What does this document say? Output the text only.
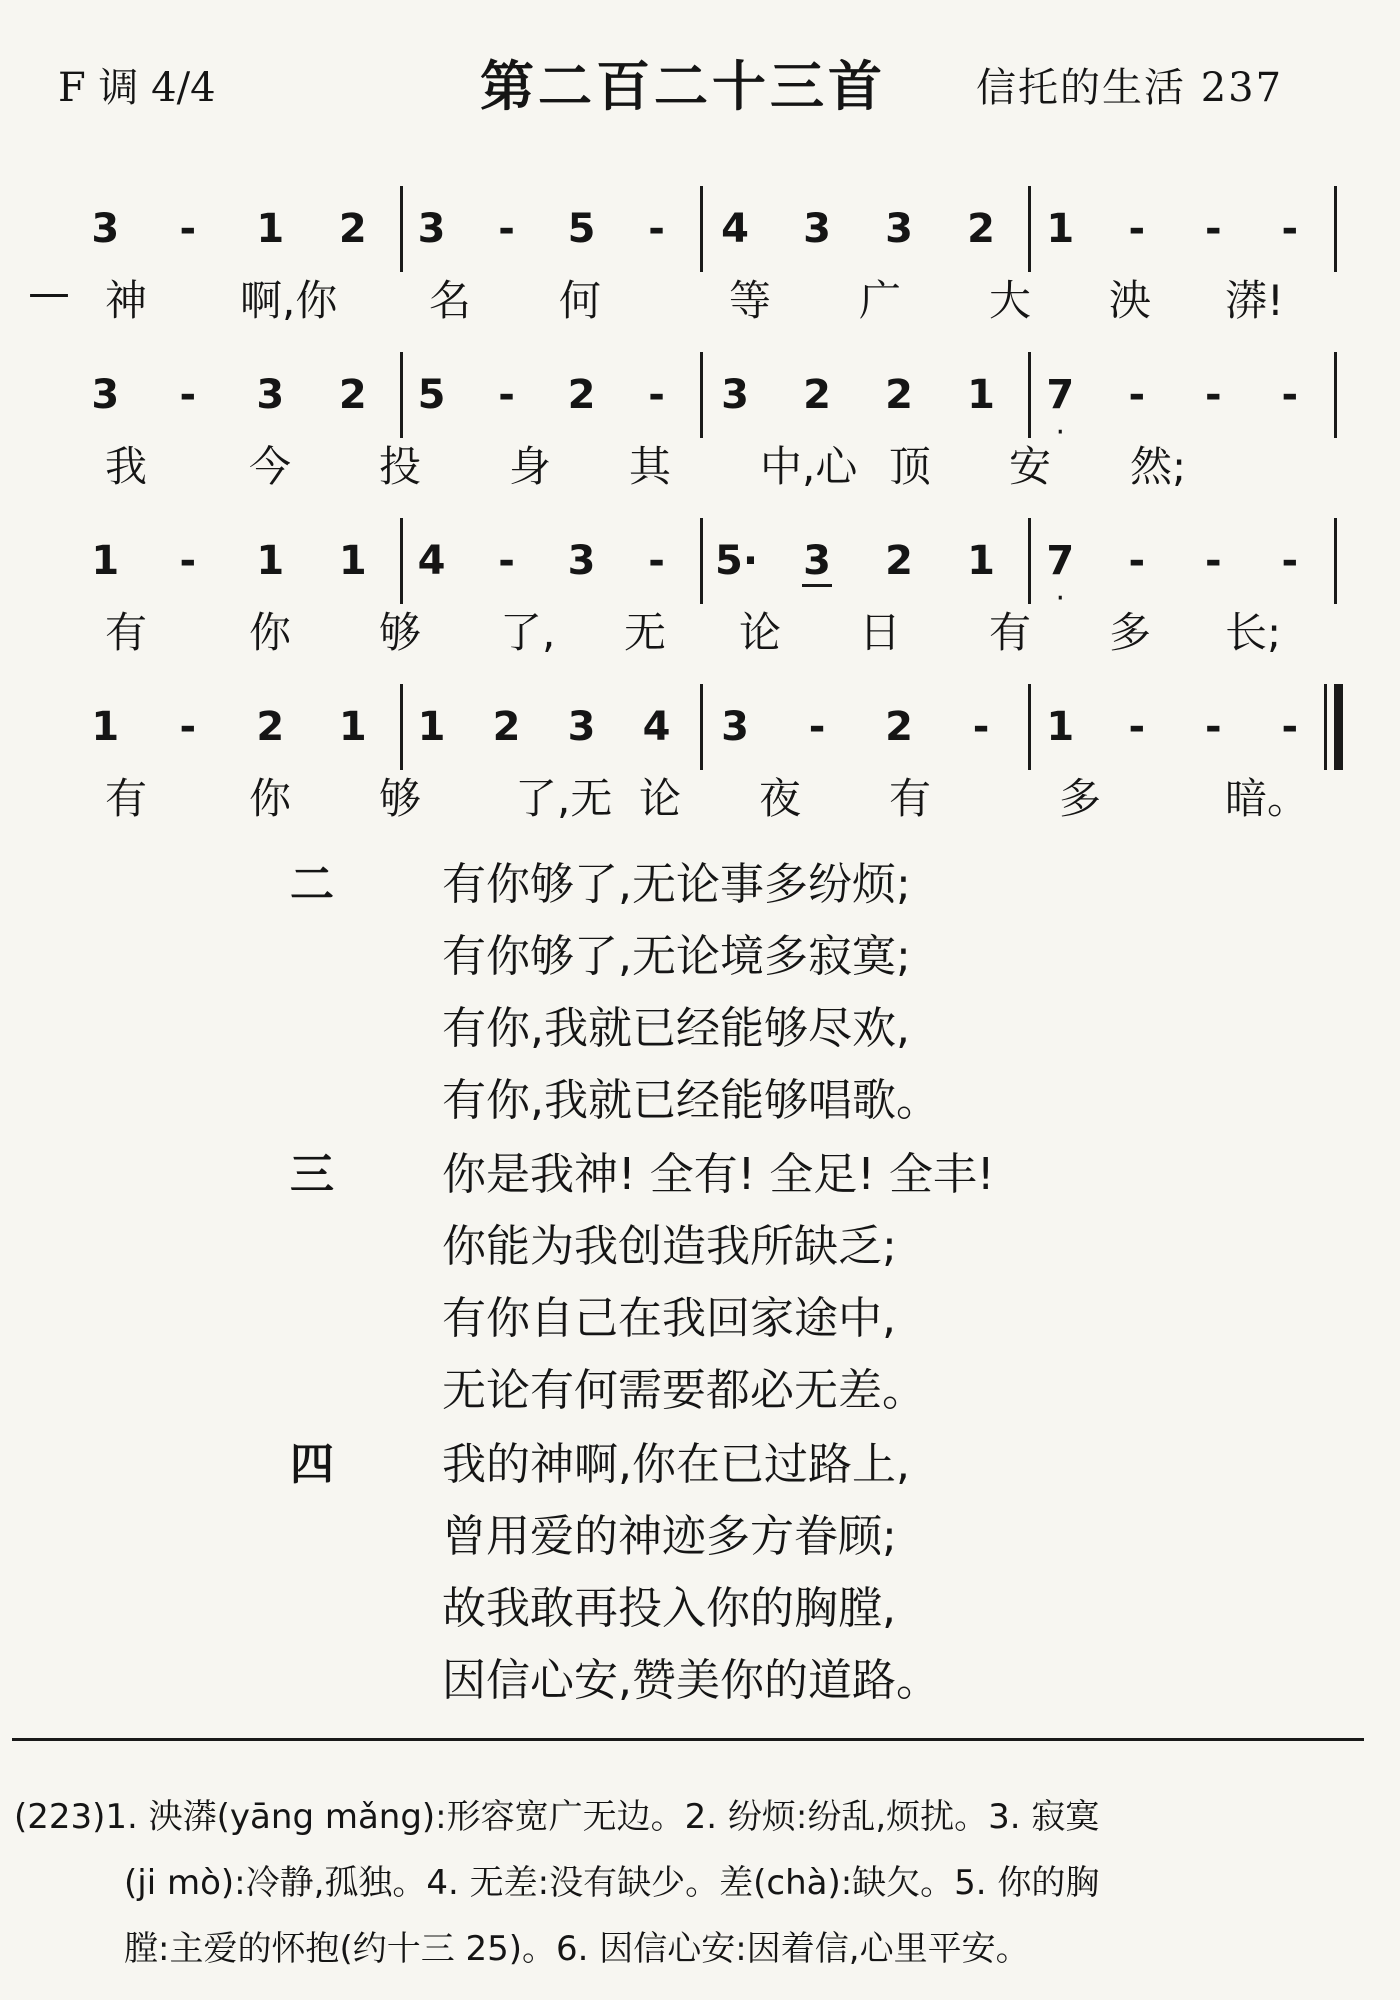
F 调 4/4	第二百二十三首 信托的生活 237
3 - 1 2 3 - 5 - 4 3 3 2 1 - - -
神 啊,你	名 何	等 广 大 泱 漭!
—
3 - 3 2 5 - 2 - 3 2 2 1 7 - - -
·
我 今 投 身 其 中,心 顶 安 然;
1 - 1 1 4 - 3 - 5· 3 2 1 7 - - -
·
有 你 够 了,	无 论 日 有 多 长;
1 - 2 1 1 2 3 4 3 - 2 - 1 - - -
有 你 够 了,无 论 夜 有	多	暗。
二 有你够了,无论事多纷烦;
有你够了,无论境多寂寞;
有你,我就已经能够尽欢,
有你,我就已经能够唱歌。
三 你是我神! 全有! 全足! 全丰!
你能为我创造我所缺乏;
有你自己在我回家途中,
无论有何需要都必无差。
四 我的神啊,你在已过路上,
曾用爱的神迹多方眷顾;
故我敢再投入你的胸膛,
因信心安,赞美你的道路。
(223)1. 泱漭(yāng mǎng):形容宽广无边。2. 纷烦:纷乱,烦扰。3. 寂寞
(ji mò):冷静,孤独。4. 无差:没有缺少。差(chà):缺欠。5. 你的胸
膛:主爱的怀抱(约十三 25)。6. 因信心安:因着信,心里平安。
